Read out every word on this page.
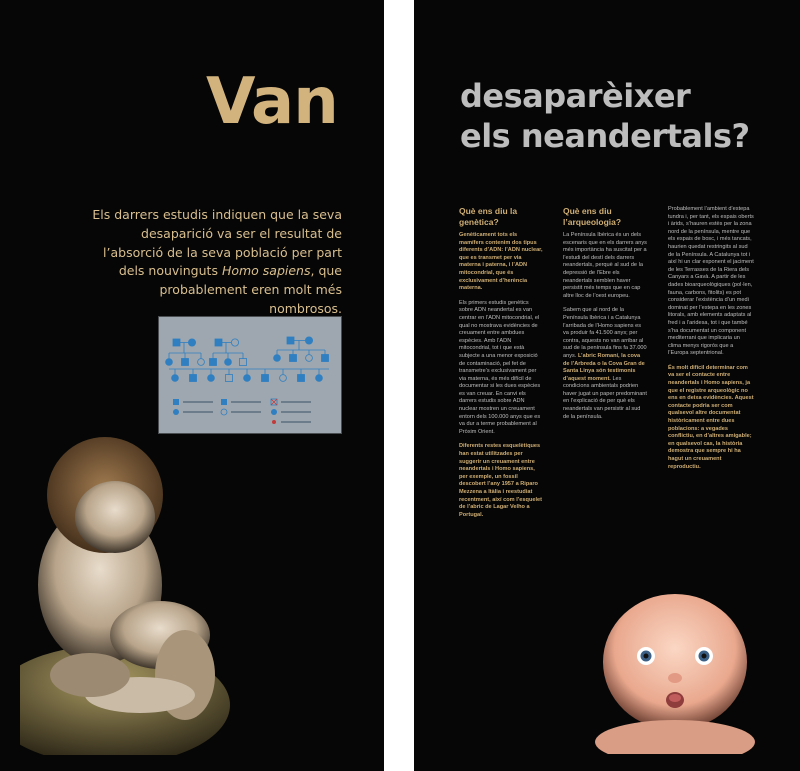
Van
Els darrers estudis indiquen que la seva desaparició va ser el resultat de l’absorció de la seva població per part dels nouvinguts Homo sapiens, que probablement eren molt més nombrosos.
desaparèixer
els neandertals?
Què ens diu la genètica?

Genèticament tots els mamífers contenim dos tipus diferents d’ADN: l’ADN nuclear, que es transmet per via materna i paterna, i l’ADN mitocondrial, que és exclusivament d’herència materna.

Els primers estudis genètics sobre ADN neandertal es van centrar en l’ADN mitocondrial, el qual no mostrava evidències de creuament entre ambdues espècies. Amb l’ADN mitocondrial, tot i que està subjecte a una menor exposició de contaminació, pel fet de transmetre’s exclusivament per via materna, és més difícil de documentar si les dues espècies es van creuar. En canvi els darrers estudis sobre ADN nuclear mostren un creuament entorn dels 100.000 anys que es va dur a terme probablement al Pròxim Orient.

Diferents restes esquelètiques han estat utilitzades per suggerir un creuament entre neandertals i Homo sapiens, per exemple, un fossil descobert l’any 1957 a Riparo Mezzena a Itàlia i reestudiat recentment, així com l’esquelet de l’abric de Lagar Velho a Portugal.

Què ens diu l’arqueologia?

La Península Ibèrica és un dels escenaris que en els darrers anys més importància ha suscitat per a l’estudi del destí dels darrers neandertals, perquè al sud de la depressió de l’Ebre els neandertals semblen haver persistit més temps que en cap altre lloc de l’oest europeu.

Sabem que al nord de la Península Ibèrica i a Catalunya l’arribada de l’Homo sapiens es va produir fa 41.500 anys; per contra, aquests no van arribar al sud de la península fins fa 37.000 anys. L’abric Romaní, la cova de l’Arbreda o la Cova Gran de Santa Linya són testimonis d’aquest moment. Les condicions ambientals podrien haver jugat un paper predominant en l’explicació de per què els neandertals van persistir al sud de la península.

Probablement l’ambient d’estepa tundra i, per tant, els espais oberts i àrids, s’hauren estès per la zona nord de la península, mentre que els espais de bosc, i més tancats, haurien quedat restringits al sud de la Península. A Catalunya tot i així hi un clar exponent el jaciment de les Terrasses de la Riera dels Canyars a Gavà. A partir de les dades bioarqueològiques (pol·len, fauna, carbons, fitolits) es pot considerar l’existència d’un medi dominat per l’estepa en les zones litorals, amb elements adaptats al fred i a l’aridesa, tot i que també s’ha documentat un component mediterrani que implicaria un clima menys rigorós que a l’Europa septentrional.

És molt difícil determinar com va ser el contacte entre neandertals i Homo sapiens, ja que el registre arqueològic no ens en deixa evidències. Aquest contacte podria ser com qualsevol altre documentat històricament entre dues poblacions: a vegades conflictiu, en d’altres amigable; en qualsevol cas, la història demostra que sempre hi ha hagut un creuament reproductiu.
